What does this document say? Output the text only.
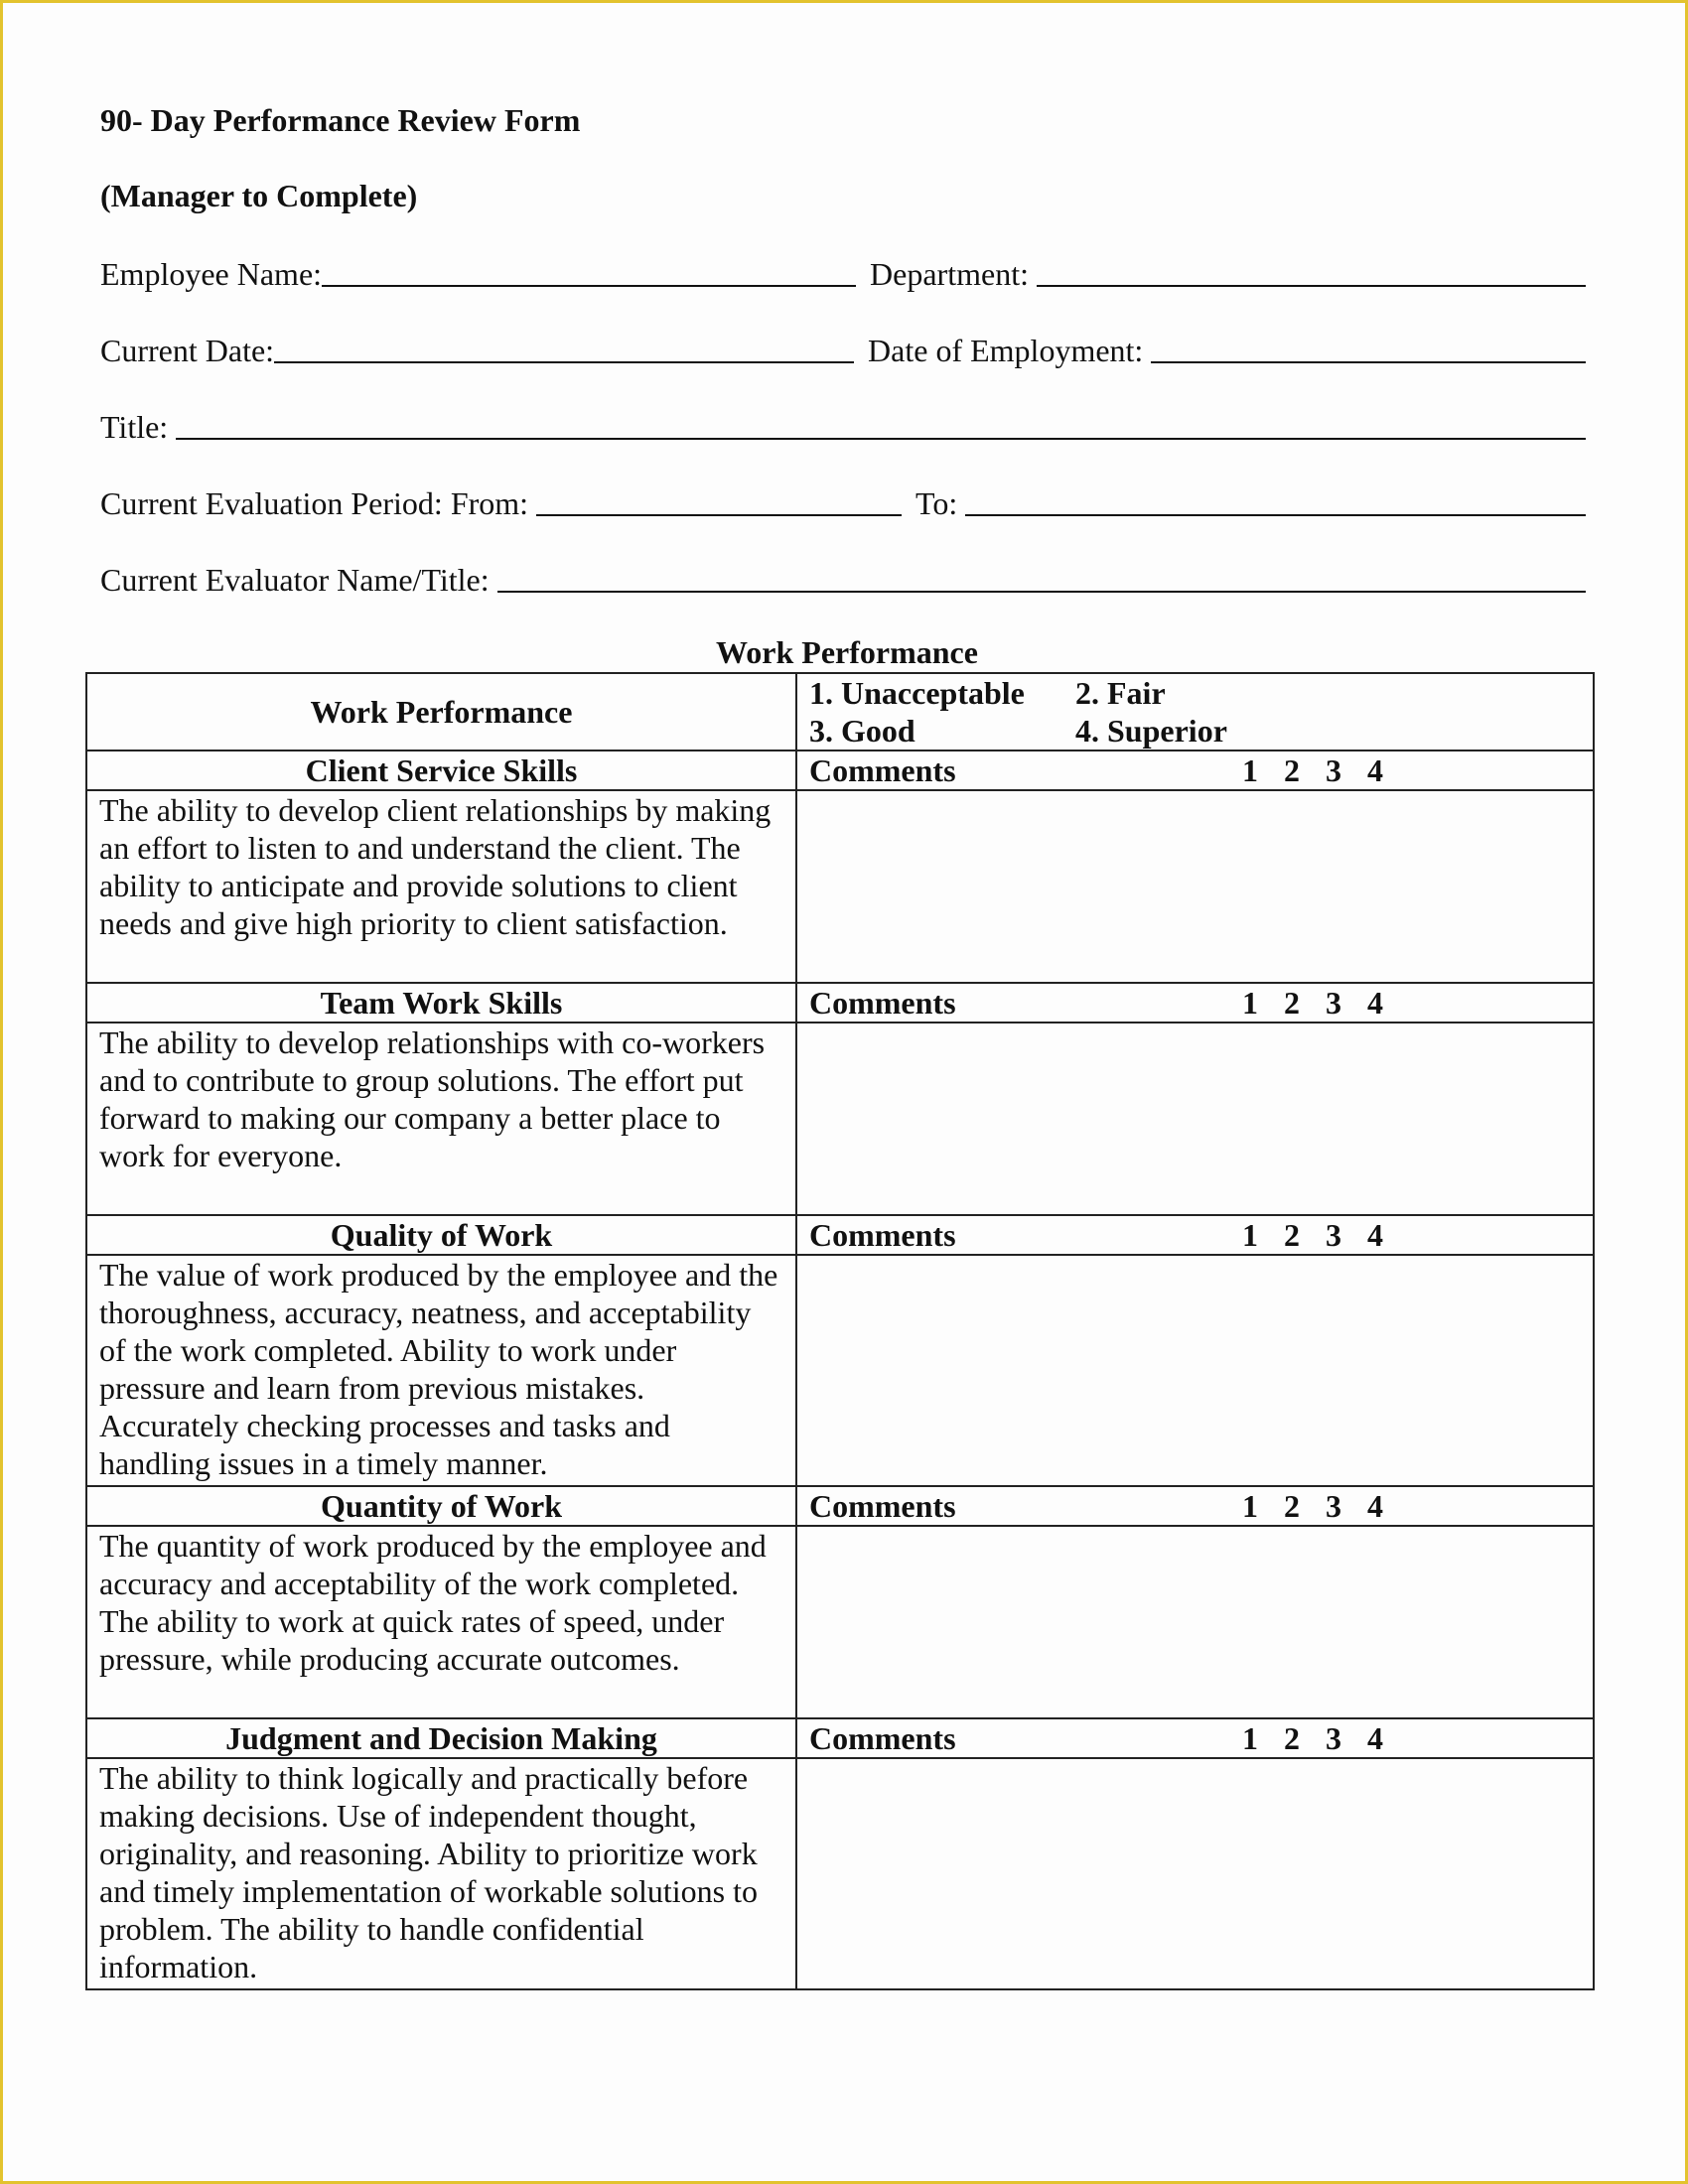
90- Day Performance Review Form
(Manager to Complete)
Employee Name:	Department:
Current Date:	Date of Employment:
Title:
Current Evaluation Period: From:	To:
Current Evaluator Name/Title:
Work Performance
Work Performance	1. Unacceptable 2. Fair
3. Good 4. Superior

Client Service Skills	Comments 1 2 3 4

The ability to develop client relationships by making an effort to listen to and understand the client. The ability to anticipate and provide solutions to client needs and give high priority to client satisfaction.	
Team Work Skills	Comments 1 2 3 4

The ability to develop relationships with co-workers and to contribute to group solutions. The effort put forward to making our company a better place to work for everyone.	
Quality of Work	Comments 1 2 3 4

The value of work produced by the employee and the thoroughness, accuracy, neatness, and acceptability of the work completed. Ability to work under pressure and learn from previous mistakes. Accurately checking processes and tasks and handling issues in a timely manner.	
Quantity of Work	Comments 1 2 3 4

The quantity of work produced by the employee and accuracy and acceptability of the work completed. The ability to work at quick rates of speed, under pressure, while producing accurate outcomes.	
Judgment and Decision Making	Comments 1 2 3 4

The ability to think logically and practically before making decisions. Use of independent thought, originality, and reasoning. Ability to prioritize work and timely implementation of workable solutions to problem. The ability to handle confidential information.	
